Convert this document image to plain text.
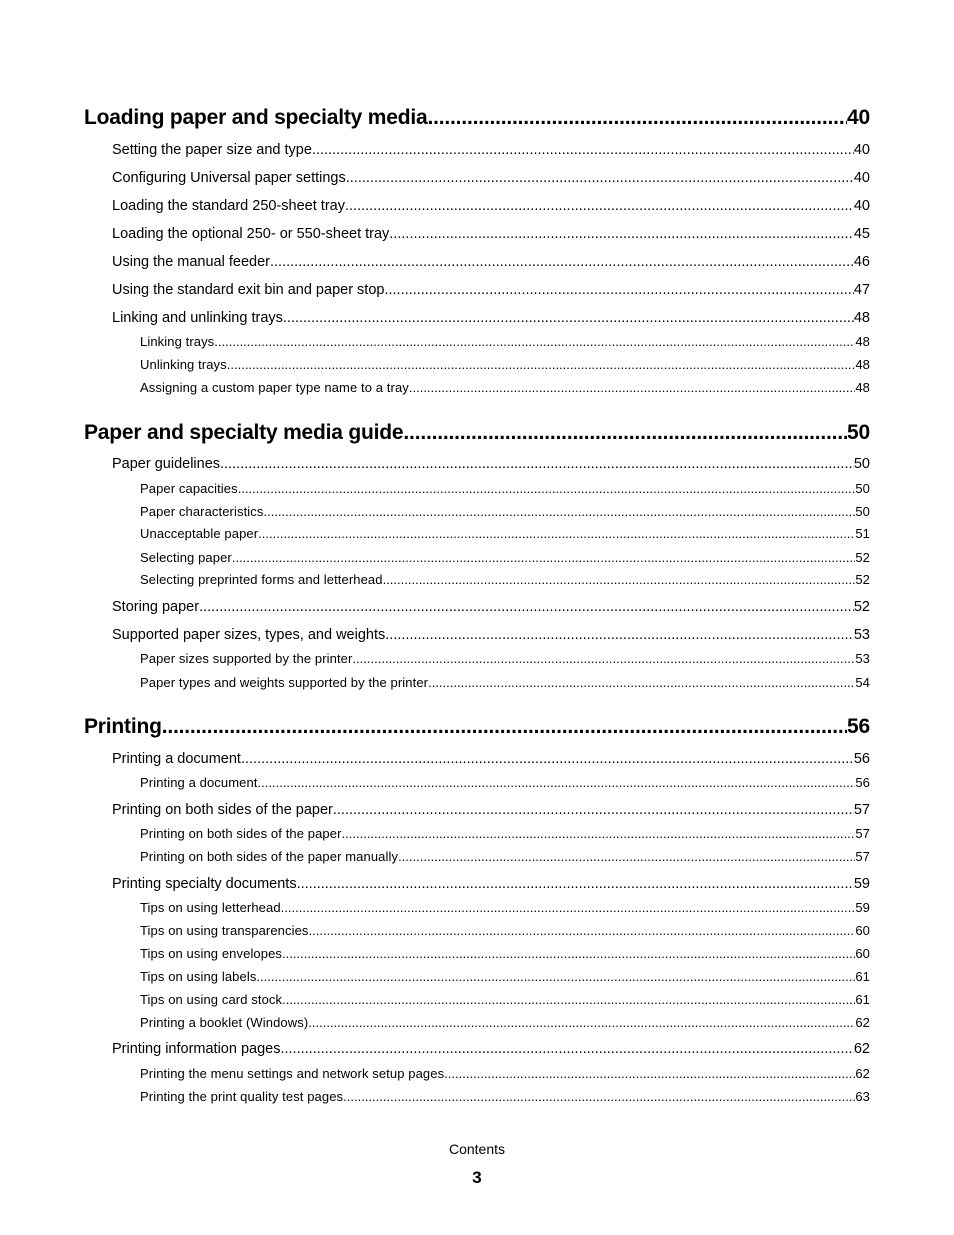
Loading paper and specialty media .....	40
Setting the paper size and type .....	40
Configuring Universal paper settings .....	40
Loading the standard 250-sheet tray .....	40
Loading the optional 250- or 550-sheet tray .....	45
Using the manual feeder .....	46
Using the standard exit bin and paper stop .....	47
Linking and unlinking trays .....	48
Linking trays .....	48
Unlinking trays .....	48
Assigning a custom paper type name to a tray .....	48
Paper and specialty media guide .....	50
Paper guidelines .....	50
Paper capacities .....	50
Paper characteristics .....	50
Unacceptable paper .....	51
Selecting paper .....	52
Selecting preprinted forms and letterhead .....	52
Storing paper .....	52
Supported paper sizes, types, and weights .....	53
Paper sizes supported by the printer .....	53
Paper types and weights supported by the printer .....	54
Printing .....	56
Printing a document .....	56
Printing a document .....	56
Printing on both sides of the paper .....	57
Printing on both sides of the paper .....	57
Printing on both sides of the paper manually .....	57
Printing specialty documents .....	59
Tips on using letterhead .....	59
Tips on using transparencies .....	60
Tips on using envelopes .....	60
Tips on using labels .....	61
Tips on using card stock .....	61
Printing a booklet (Windows) .....	62
Printing information pages .....	62
Printing the menu settings and network setup pages .....	62
Printing the print quality test pages .....	63
Contents
3
